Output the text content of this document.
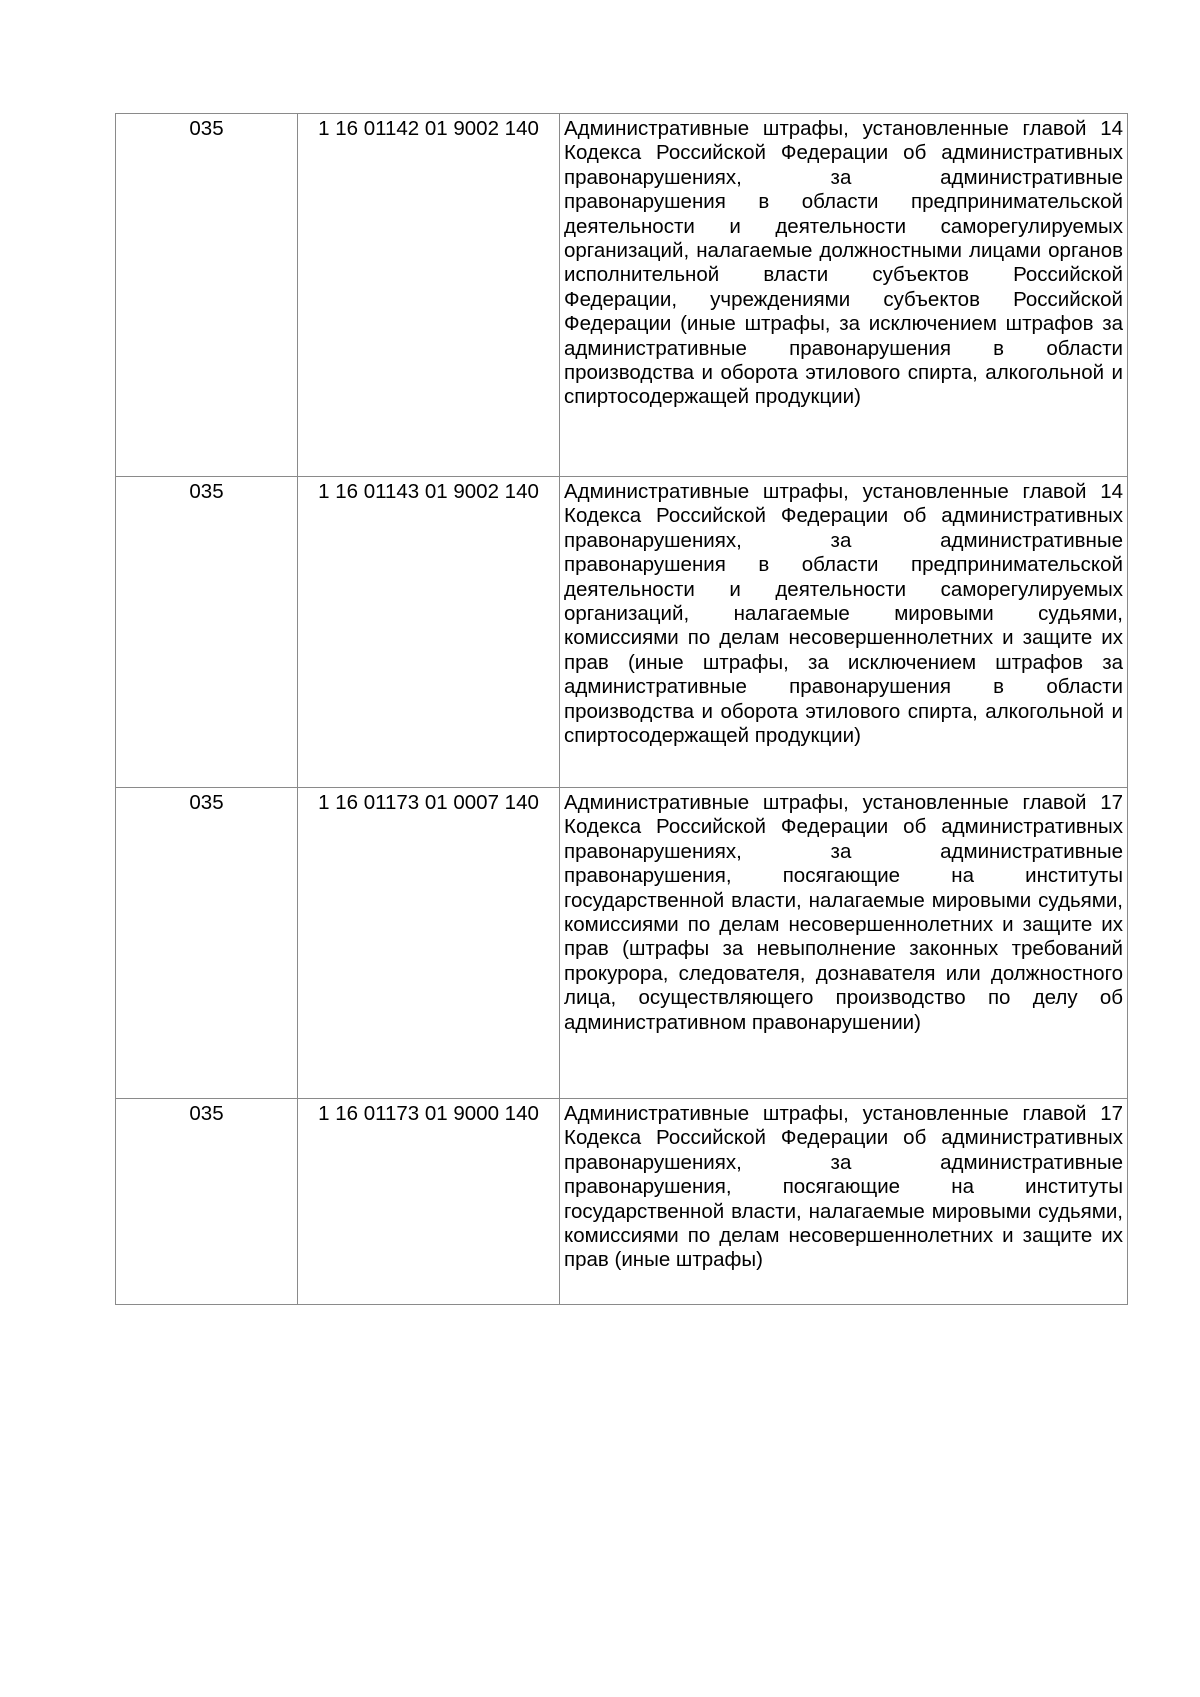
035	1 16 01142 01 9002 140	Административные штрафы, установленные главой 14 Кодекса Российской Федерации об административных правонарушениях, за административные правонарушения в области предпринимательской деятельности и деятельности саморегулируемых организаций, налагаемые должностными лицами органов исполнительной власти субъектов Российской Федерации, учреждениями субъектов Российской Федерации (иные штрафы, за исключением штрафов за административные правонарушения в области производства и оборота этилового спирта, алкогольной и спиртосодержащей продукции)
035	1 16 01143 01 9002 140	Административные штрафы, установленные главой 14 Кодекса Российской Федерации об административных правонарушениях, за административные правонарушения в области предпринимательской деятельности и деятельности саморегулируемых организаций, налагаемые мировыми судьями, комиссиями по делам несовершеннолетних и защите их прав (иные штрафы, за исключением штрафов за административные правонарушения в области производства и оборота этилового спирта, алкогольной и спиртосодержащей продукции)
035	1 16 01173 01 0007 140	Административные штрафы, установленные главой 17 Кодекса Российской Федерации об административных правонарушениях, за административные правонарушения, посягающие на институты государственной власти, налагаемые мировыми судьями, комиссиями по делам несовершеннолетних и защите их прав (штрафы за невыполнение законных требований прокурора, следователя, дознавателя или должностного лица, осуществляющего производство по делу об административном правонарушении)
035	1 16 01173 01 9000 140	Административные штрафы, установленные главой 17 Кодекса Российской Федерации об административных правонарушениях, за административные правонарушения, посягающие на институты государственной власти, налагаемые мировыми судьями, комиссиями по делам несовершеннолетних и защите их прав (иные штрафы)
